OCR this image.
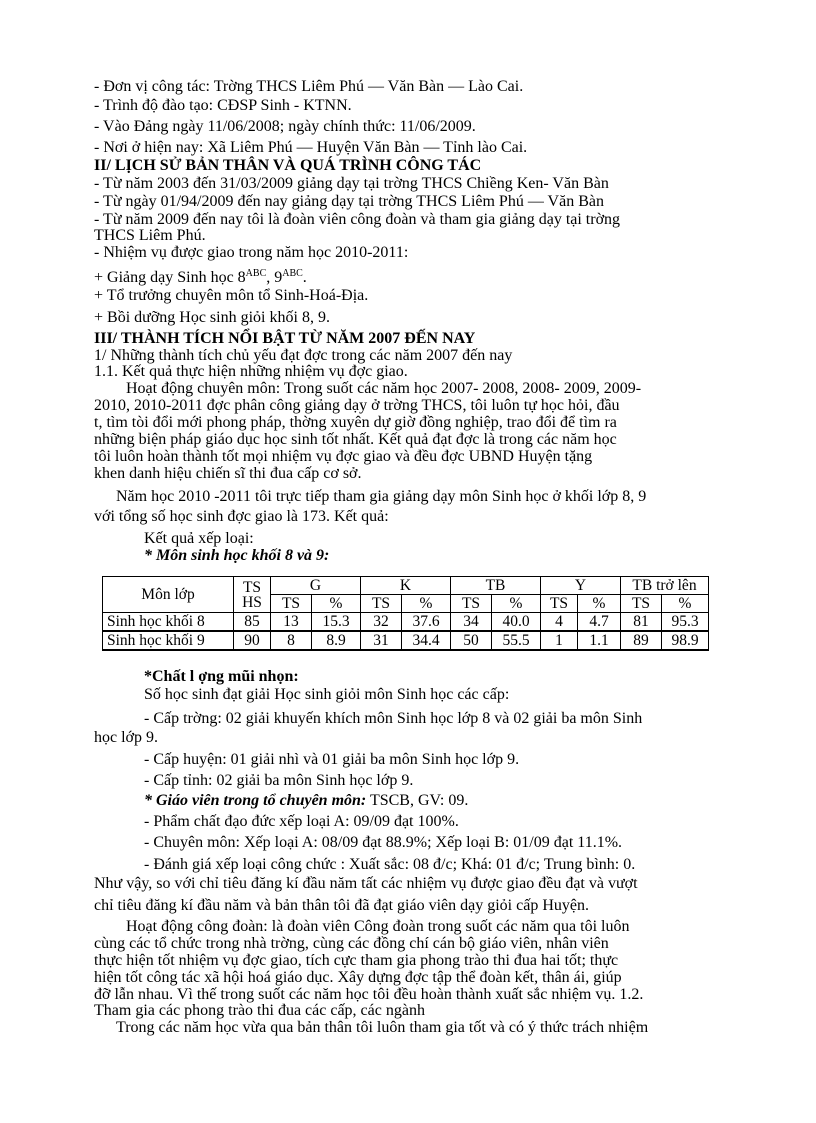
- Đơn vị công tác: Trờng THCS Liêm Phú — Văn Bàn — Lào Cai.
- Trình độ đào tạo: CĐSP Sinh - KTNN.
- Vào Đảng ngày 11/06/2008; ngày chính thức: 11/06/2009.
- Nơi ở hiện nay: Xã Liêm Phú — Huyện Văn Bàn — Tỉnh lào Cai.
II/ LỊCH SỬ BẢN THÂN VÀ QUÁ TRÌNH CÔNG TÁC
- Từ năm 2003 đến 31/03/2009 giảng dạy tại trờng THCS Chiềng Ken- Văn Bàn
- Từ ngày 01/94/2009 đến nay giảng dạy tại trờng THCS Liêm Phú — Văn Bàn
- Từ năm 2009 đến nay tôi là đoàn viên công đoàn và tham gia giảng dạy tại trờng
THCS Liêm Phú.
- Nhiệm vụ được giao trong năm học 2010-2011:
+ Giảng dạy Sinh học $8^{ABC}$, $9^{ABC}$.
+ Tổ trưởng chuyên môn tổ Sinh-Hoá-Địa.
+ Bồi dưỡng Học sinh giỏi khối 8, 9.
III/ THÀNH TÍCH NỔI BẬT TỪ NĂM 2007 ĐẾN NAY
1/ Những thành tích chủ yếu đạt đợc trong các năm 2007 đến nay
1.1. Kết quả thực hiện những nhiệm vụ đợc giao.
Hoạt động chuyên môn: Trong suốt các năm học 2007- 2008, 2008- 2009, 2009-
2010, 2010-2011 đợc phân công giảng dạy ở trờng THCS, tôi luôn tự học hỏi, đầu
t, tìm tòi đổi mới phong pháp, thờng xuyên dự giờ đồng nghiệp, trao đổi để tìm ra
những biện pháp giáo dục học sinh tốt nhất. Kết quả đạt đợc là trong các năm học
tôi luôn hoàn thành tốt mọi nhiệm vụ đợc giao và đều đợc UBND Huyện tặng
khen danh hiệu chiến sĩ thi đua cấp cơ sở.
Năm học 2010 -2011 tôi trực tiếp tham gia giảng dạy môn Sinh học ở khối lớp 8, 9
với tổng số học sinh đợc giao là 173. Kết quả:
Kết quả xếp loại:
* Môn sinh học khối 8 và 9:
Môn lớp	TS
HS	G		K		TB		Y		TB trở lên	
		TS	%	TS	%	TS	%	TS	%	TS	%
Sinh học khối 8	85	13	15.3	32	37.6	34	40.0	4	4.7	81	95.3
Sinh học khối 9	90	8	8.9	31	34.4	50	55.5	1	1.1	89	98.9
*Chất l ợng mũi nhọn:
Số học sinh đạt giải Học sinh giỏi môn Sinh học các cấp:
- Cấp trờng: 02 giải khuyến khích môn Sinh học lớp 8 và 02 giải ba môn Sinh
học lớp 9.
- Cấp huyện: 01 giải nhì và 01 giải ba môn Sinh học lớp 9.
- Cấp tỉnh: 02 giải ba môn Sinh học lớp 9.
* Giáo viên trong tổ chuyên môn: TSCB, GV: 09.
- Phẩm chất đạo đức xếp loại A: 09/09 đạt 100%.
- Chuyên môn: Xếp loại A: 08/09 đạt 88.9%; Xếp loại B: 01/09 đạt 11.1%.
- Đánh giá xếp loại công chức : Xuất sắc: 08 đ/c; Khá: 01 đ/c; Trung bình: 0.
Như vậy, so với chỉ tiêu đăng kí đầu năm tất các nhiệm vụ được giao đều đạt và vượt
chỉ tiêu đăng kí đầu năm và bản thân tôi đã đạt giáo viên dạy giỏi cấp Huyện.
Hoạt động công đoàn: là đoàn viên Công đoàn trong suốt các năm qua tôi luôn
cùng các tổ chức trong nhà trờng, cùng các đồng chí cán bộ giáo viên, nhân viên
thực hiện tốt nhiệm vụ đợc giao, tích cực tham gia phong trào thi đua hai tốt; thực
hiện tốt công tác xã hội hoá giáo dục. Xây dựng đợc tập thể đoàn kết, thân ái, giúp
đỡ lẫn nhau. Vì thế trong suốt các năm học tôi đều hoàn thành xuất sắc nhiệm vụ. 1.2.
Tham gia các phong trào thi đua các cấp, các ngành
Trong các năm học vừa qua bản thân tôi luôn tham gia tốt và có ý thức trách nhiệm
